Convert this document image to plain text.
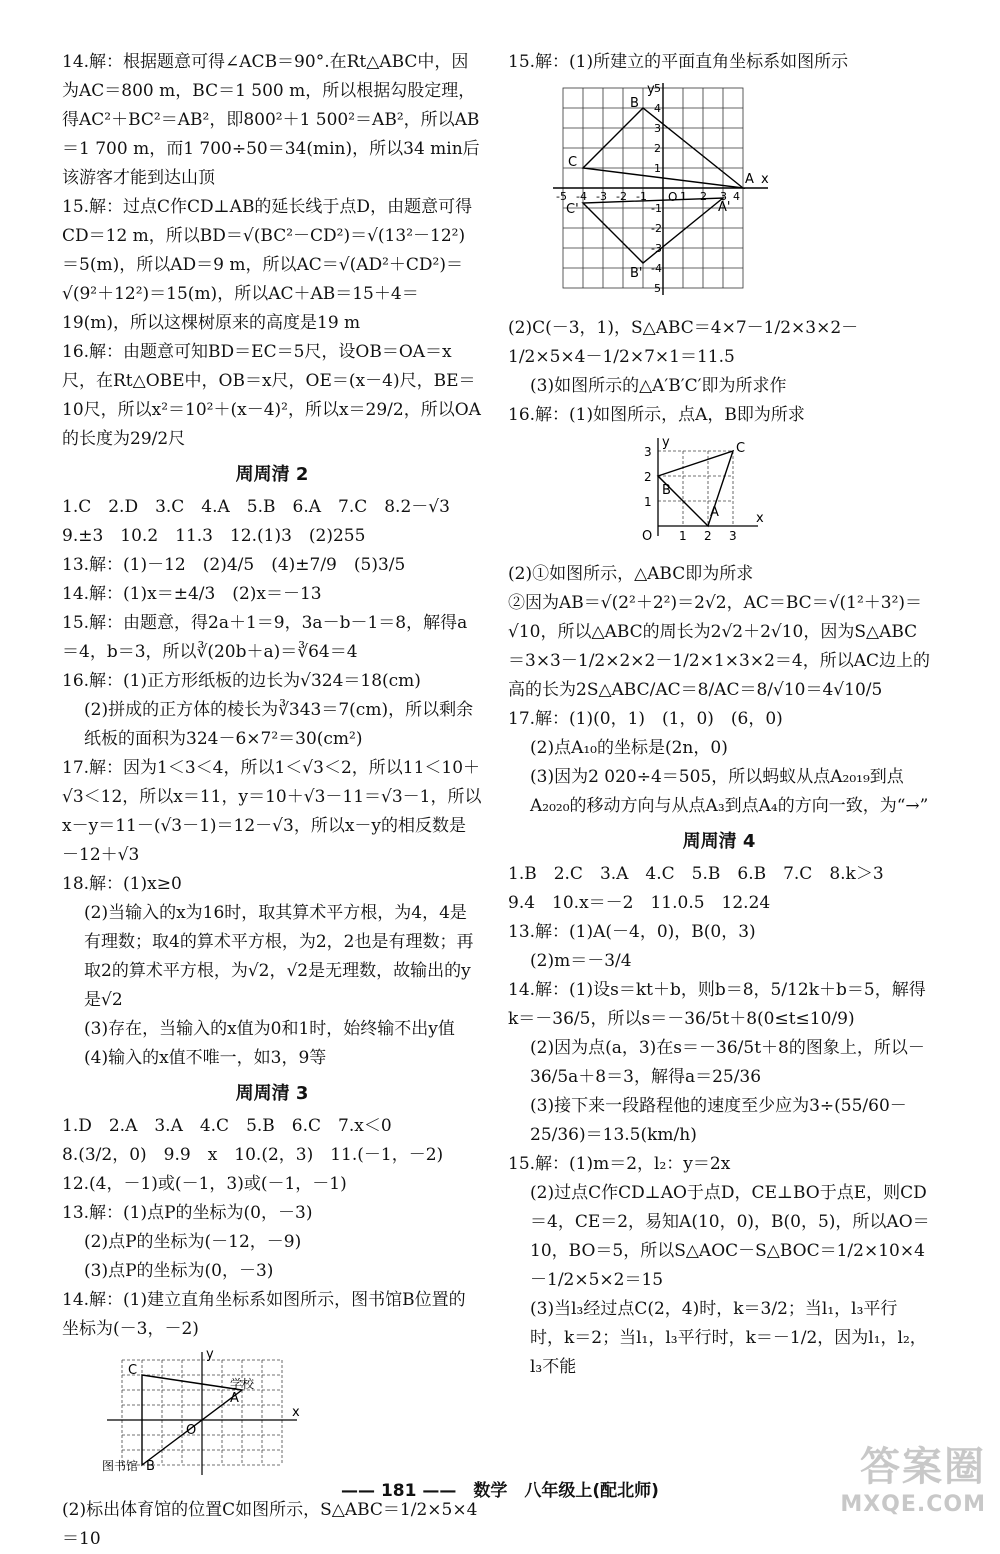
14.解：根据题意可得∠ACB＝90°.在Rt△ABC中，因为AC＝800 m，BC＝1 500 m，所以根据勾股定理，得AC²＋BC²＝AB²，即800²＋1 500²＝AB²，所以AB＝1 700 m，而1 700÷50＝34(min)，所以34 min后该游客才能到达山顶

15.解：过点C作CD⊥AB的延长线于点D，由题意可得CD＝12 m，所以BD＝√(BC²－CD²)＝√(13²－12²)＝5(m)，所以AD＝9 m，所以AC＝√(AD²＋CD²)＝√(9²＋12²)＝15(m)，所以AC＋AB＝15＋4＝19(m)，所以这棵树原来的高度是19 m

16.解：由题意可知BD＝EC＝5尺，设OB＝OA＝x尺，在Rt△OBE中，OB＝x尺，OE＝(x－4)尺，BE＝10尺，所以x²＝10²＋(x－4)²，所以x＝29/2，所以OA的长度为29/2尺

周周清 2

1.C　2.D　3.C　4.A　5.B　6.A　7.C　8.2－√3

9.±3　10.2　11.3　12.(1)3　(2)255

13.解：(1)－12　(2)4/5　(4)±7/9　(5)3/5

14.解：(1)x＝±4/3　(2)x＝－13

15.解：由题意，得2a＋1＝9，3a－b－1＝8，解得a＝4，b＝3，所以∛(20b＋a)＝∛64＝4

16.解：(1)正方形纸板的边长为√324＝18(cm)

(2)拼成的正方体的棱长为∛343＝7(cm)，所以剩余纸板的面积为324－6×7²＝30(cm²)

17.解：因为1＜3＜4，所以1＜√3＜2，所以11＜10＋√3＜12，所以x＝11，y＝10＋√3－11＝√3－1，所以x－y＝11－(√3－1)＝12－√3，所以x－y的相反数是－12＋√3

18.解：(1)x≥0

(2)当输入的x为16时，取其算术平方根，为4，4是有理数；取4的算术平方根，为2，2也是有理数；再取2的算术平方根，为√2，√2是无理数，故输出的y是√2

(3)存在，当输入的x值为0和1时，始终输不出y值

(4)输入的x值不唯一，如3，9等

周周清 3

1.D　2.A　3.A　4.C　5.B　6.C　7.x＜0

8.(3/2，0)　9.9　x　10.(2，3)　11.(－1，－2)

12.(4，－1)或(－1，3)或(－1，－1)

13.解：(1)点P的坐标为(0，－3)

(2)点P的坐标为(－12，－9)

(3)点P的坐标为(0，－3)

14.解：(1)建立直角坐标系如图所示，图书馆B位置的坐标为(－3，－2)

C
y
学校
A
x
O
图书馆 B

(2)标出体育馆的位置C如图所示，S△ABC＝1/2×5×4＝10

15.解：(1)所建立的平面直角坐标系如图所示

y
x
O
A
A'
B
B'
C
C'
5
4
3
2
1
-1
-2
-3
-4
5
-5 -4 -3 -2 -1	1 2 3 4

(2)C(－3，1)，S△ABC＝4×7－1/2×3×2－1/2×5×4－1/2×7×1＝11.5

(3)如图所示的△A′B′C′即为所求作

16.解：(1)如图所示，点A，B即为所求

y
x
O
C
B
A
3
2
1
1 2 3

(2)①如图所示，△ABC即为所求

②因为AB＝√(2²＋2²)＝2√2，AC＝BC＝√(1²＋3²)＝√10，所以△ABC的周长为2√2＋2√10，因为S△ABC＝3×3－1/2×2×2－1/2×1×3×2＝4，所以AC边上的高的长为2S△ABC/AC＝8/AC＝8/√10＝4√10/5

17.解：(1)(0，1)　(1，0)　(6，0)

(2)点A₁₀的坐标是(2n，0)

(3)因为2 020÷4＝505，所以蚂蚁从点A₂₀₁₉到点A₂₀₂₀的移动方向与从点A₃到点A₄的方向一致，为“→”

周周清 4

1.B　2.C　3.A　4.C　5.B　6.B　7.C　8.k＞3

9.4　10.x＝－2　11.0.5　12.24

13.解：(1)A(－4，0)，B(0，3)

(2)m＝－3/4

14.解：(1)设s＝kt＋b，则b＝8，5/12k＋b＝5，解得k＝－36/5，所以s＝－36/5t＋8(0≤t≤10/9)

(2)因为点(a，3)在s＝－36/5t＋8的图象上，所以－36/5a＋8＝3，解得a＝25/36

(3)接下来一段路程他的速度至少应为3÷(55/60－25/36)＝13.5(km/h)

15.解：(1)m＝2，l₂：y＝2x

(2)过点C作CD⊥AO于点D，CE⊥BO于点E，则CD＝4，CE＝2，易知A(10，0)，B(0，5)，所以AO＝10，BO＝5，所以S△AOC－S△BOC＝1/2×10×4－1/2×5×2＝15

(3)当l₃经过点C(2，4)时，k＝3/2；当l₁，l₃平行时，k＝2；当l₁，l₃平行时，k＝－1/2，因为l₁，l₂，l₃不能

—— 181 ——　数学　八年级上(配北师)
答案圈
MXQE.COM
